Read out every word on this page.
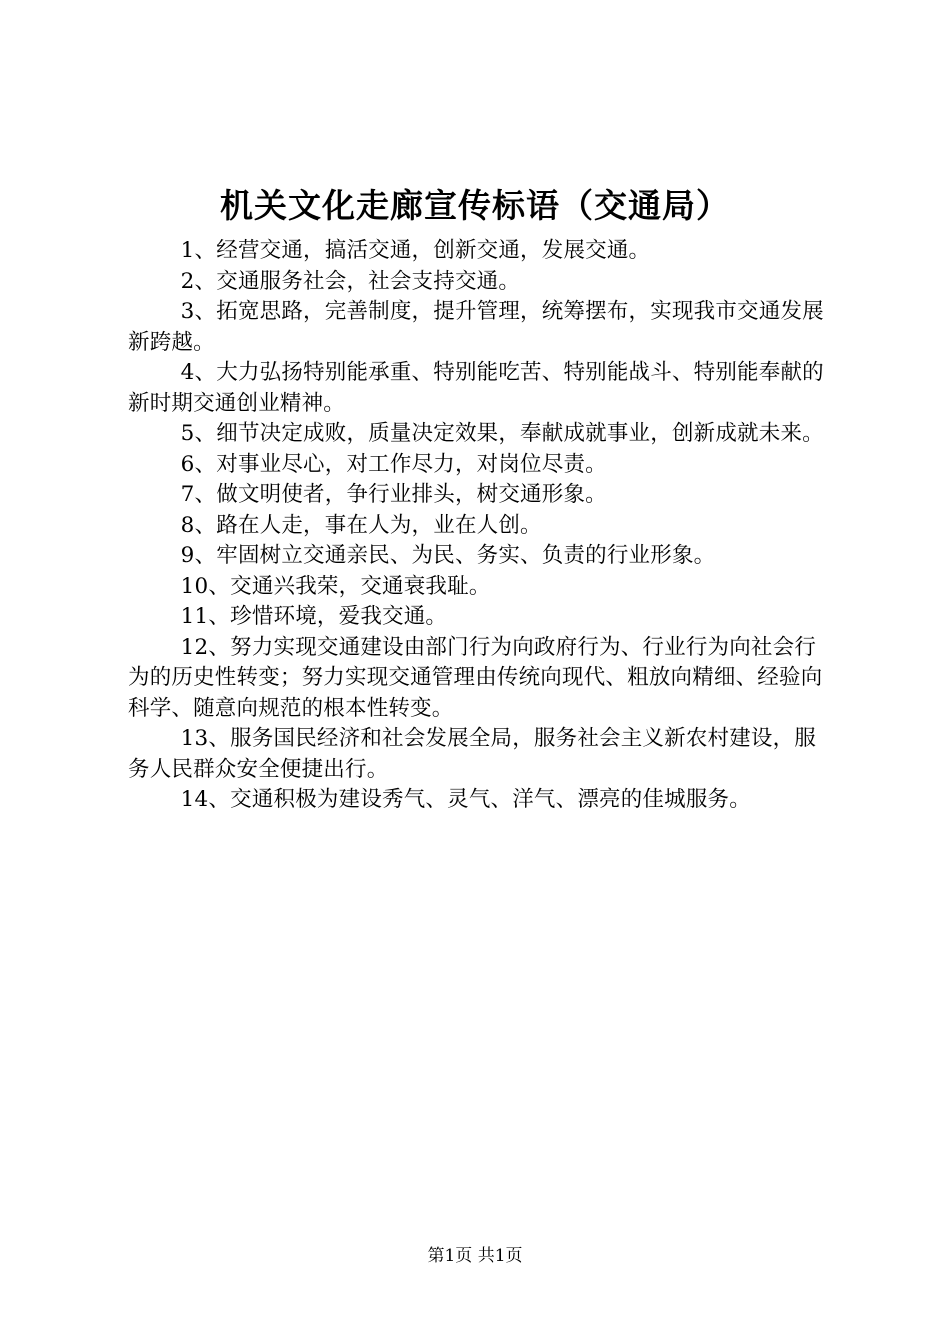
机关文化走廊宣传标语（交通局）

1、经营交通，搞活交通，创新交通，发展交通。

2、交通服务社会，社会支持交通。

3、拓宽思路，完善制度，提升管理，统筹摆布，实现我市交通发展新跨越。

4、大力弘扬特别能承重、特别能吃苦、特别能战斗、特别能奉献的新时期交通创业精神。

5、细节决定成败，质量决定效果，奉献成就事业，创新成就未来。

6、对事业尽心，对工作尽力，对岗位尽责。

7、做文明使者，争行业排头，树交通形象。

8、路在人走，事在人为，业在人创。

9、牢固树立交通亲民、为民、务实、负责的行业形象。

10、交通兴我荣，交通衰我耻。

11、珍惜环境，爱我交通。

12、努力实现交通建设由部门行为向政府行为、行业行为向社会行为的历史性转变；努力实现交通管理由传统向现代、粗放向精细、经验向科学、随意向规范的根本性转变。

13、服务国民经济和社会发展全局，服务社会主义新农村建设，服务人民群众安全便捷出行。

14、交通积极为建设秀气、灵气、洋气、漂亮的佳城服务。

第1页 共1页
